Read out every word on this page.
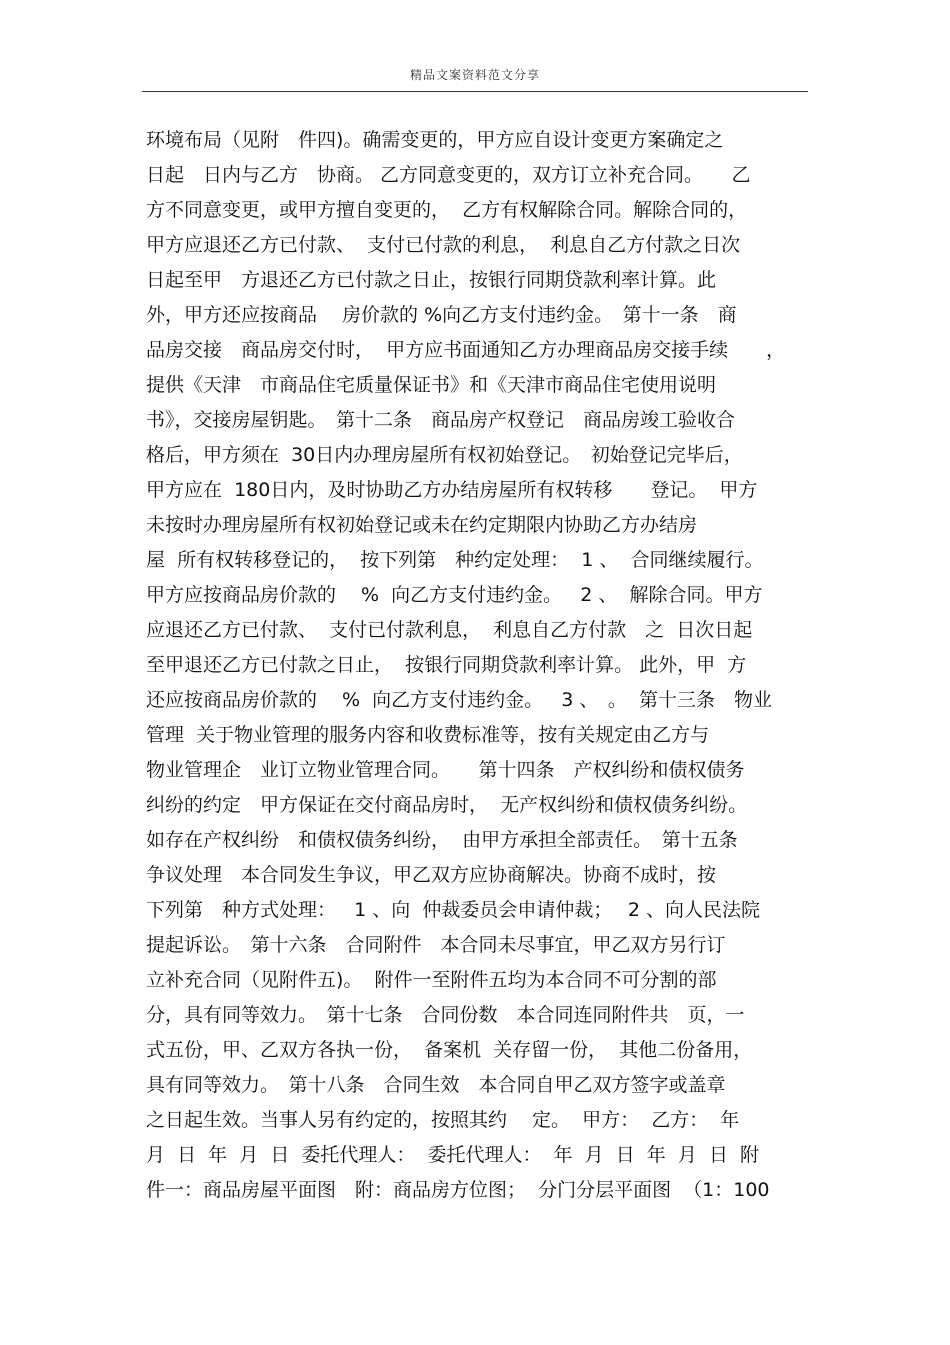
精品文案资料范文分享
环境布局（见附　件四)。确需变更的，甲方应自设计变更方案确定之
日起　日内与乙方　协商。 乙方同意变更的，双方订立补充合同。　　乙
方不同意变更，或甲方擅自变更的，  乙方有权解除合同。解除合同的，
甲方应退还乙方已付款、  支付已付款的利息，  利息自乙方付款之日次
日起至甲　方退还乙方已付款之日止，按银行同期贷款利率计算。此
外，甲方还应按商品　 房价款的 %向乙方支付违约金。　第十一条　商
品房交接　商品房交付时，  甲方应书面通知乙方办理商品房交接手续　　，
提供《天津　市商品住宅质量保证书》和《天津市商品住宅使用说明
书》，交接房屋钥匙。　第十二条　商品房产权登记　商品房竣工验收合
格后，甲方须在  30日内办理房屋所有权初始登记。　初始登记完毕后，
甲方应在  180日内，及时协助乙方办结房屋所有权转移　　登记。  甲方
未按时办理房屋所有权初始登记或未在约定期限内协助乙方办结房
屋  所有权转移登记的，  按下列第　种约定处理：  1 、  合同继续履行。
甲方应按商品房价款的　 %  向乙方支付违约金。   2 、  解除合同。甲方
应退还乙方已付款、  支付已付款利息，  利息自乙方付款　之  日次日起
至甲退还乙方已付款之日止，  按银行同期贷款利率计算。 此外，甲  方
还应按商品房价款的　 %  向乙方支付违约金。   3 、　。  第十三条　物业
管理  关于物业管理的服务内容和收费标准等，按有关规定由乙方与
物业管理企　业订立物业管理合同。　　第十四条　产权纠纷和债权债务
纠纷的约定　甲方保证在交付商品房时，  无产权纠纷和债权债务纠纷。
如存在产权纠纷　和债权债务纠纷，  由甲方承担全部责任。　第十五条
争议处理　本合同发生争议，甲乙双方应协商解决。协商不成时，按
下列第　种方式处理：   1 、向  仲裁委员会申请仲裁；　 2 、向人民法院
提起诉讼。　第十六条　合同附件　本合同未尽事宜，甲乙双方另行订
立补充合同（见附件五)。  附件一至附件五均为本合同不可分割的部
分，具有同等效力。　第十七条　合同份数　本合同连同附件共　页，一
式五份，甲、乙双方各执一份，  备案机  关存留一份，  其他二份备用，
具有同等效力。　第十八条　合同生效　本合同自甲乙双方签字或盖章
之日起生效。当事人另有约定的，按照其约　 定。  甲方：  乙方：  年
月  日  年  月  日  委托代理人：  委托代理人：  年  月  日  年  月  日  附
件一：商品房屋平面图　附：商品房方位图；  分门分层平面图  （1：100
